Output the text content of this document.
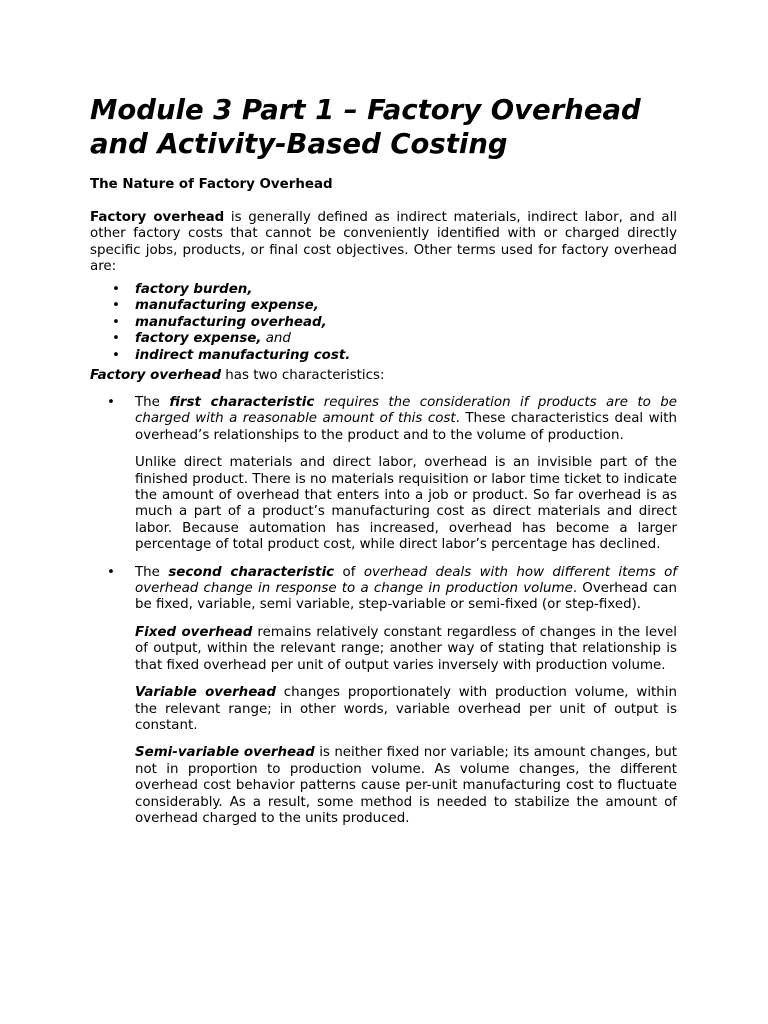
Module 3 Part 1 – Factory Overhead
and Activity-Based Costing
The Nature of Factory Overhead

Factory overhead is generally defined as indirect materials, indirect labor, and all other factory costs that cannot be conveniently identified with or charged directly specific jobs, products, or final cost objectives. Other terms used for factory overhead are:

• factory burden,
• manufacturing expense,
• manufacturing overhead,
• factory expense, and
• indirect manufacturing cost.

Factory overhead has two characteristics:

• The first characteristic requires the consideration if products are to be charged with a reasonable amount of this cost. These characteristics deal with overhead’s relationships to the product and to the volume of production.

Unlike direct materials and direct labor, overhead is an invisible part of the finished product. There is no materials requisition or labor time ticket to indicate the amount of overhead that enters into a job or product. So far overhead is as much a part of a product’s manufacturing cost as direct materials and direct labor. Because automation has increased, overhead has become a larger percentage of total product cost, while direct labor’s percentage has declined.

• The second characteristic of overhead deals with how different items of overhead change in response to a change in production volume. Overhead can be fixed, variable, semi variable, step-variable or semi-fixed (or step-fixed).

Fixed overhead remains relatively constant regardless of changes in the level of output, within the relevant range; another way of stating that relationship is that fixed overhead per unit of output varies inversely with production volume.

Variable overhead changes proportionately with production volume, within the relevant range; in other words, variable overhead per unit of output is constant.

Semi-variable overhead is neither fixed nor variable; its amount changes, but not in proportion to production volume. As volume changes, the different overhead cost behavior patterns cause per-unit manufacturing cost to fluctuate considerably. As a result, some method is needed to stabilize the amount of overhead charged to the units produced.
